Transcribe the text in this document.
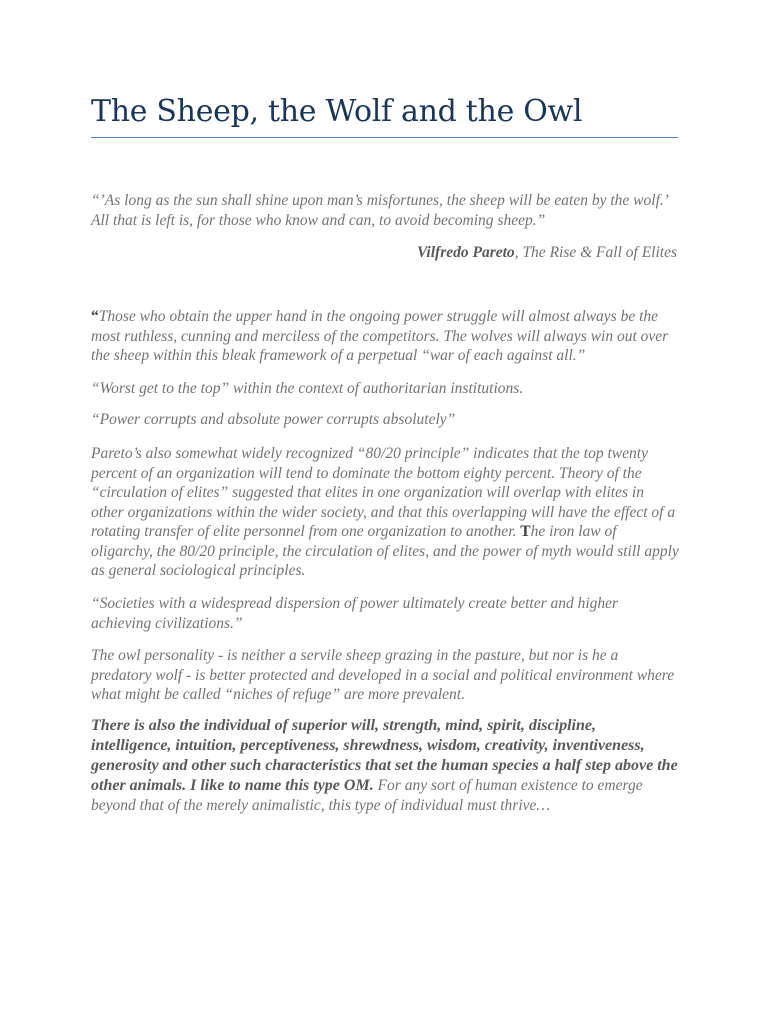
The Sheep, the Wolf and the Owl

“’As long as the sun shall shine upon man’s misfortunes, the sheep will be eaten by the wolf.’ All that is left is, for those who know and can, to avoid becoming sheep.”

Vilfredo Pareto, The Rise & Fall of Elites

“Those who obtain the upper hand in the ongoing power struggle will almost always be the most ruthless, cunning and merciless of the competitors. The wolves will always win out over the sheep within this bleak framework of a perpetual “war of each against all.”

“Worst get to the top” within the context of authoritarian institutions.

“Power corrupts and absolute power corrupts absolutely”

Pareto’s also somewhat widely recognized “80/20 principle” indicates that the top twenty percent of an organization will tend to dominate the bottom eighty percent. Theory of the “circulation of elites” suggested that elites in one organization will overlap with elites in other organizations within the wider society, and that this overlapping will have the effect of a rotating transfer of elite personnel from one organization to another. The iron law of oligarchy, the 80/20 principle, the circulation of elites, and the power of myth would still apply as general sociological principles.

“Societies with a widespread dispersion of power ultimately create better and higher achieving civilizations.”

The owl personality - is neither a servile sheep grazing in the pasture, but nor is he a predatory wolf - is better protected and developed in a social and political environment where what might be called “niches of refuge” are more prevalent.

There is also the individual of superior will, strength, mind, spirit, discipline, intelligence, intuition, perceptiveness, shrewdness, wisdom, creativity, inventiveness, generosity and other such characteristics that set the human species a half step above the other animals. I like to name this type OM. For any sort of human existence to emerge beyond that of the merely animalistic, this type of individual must thrive…
